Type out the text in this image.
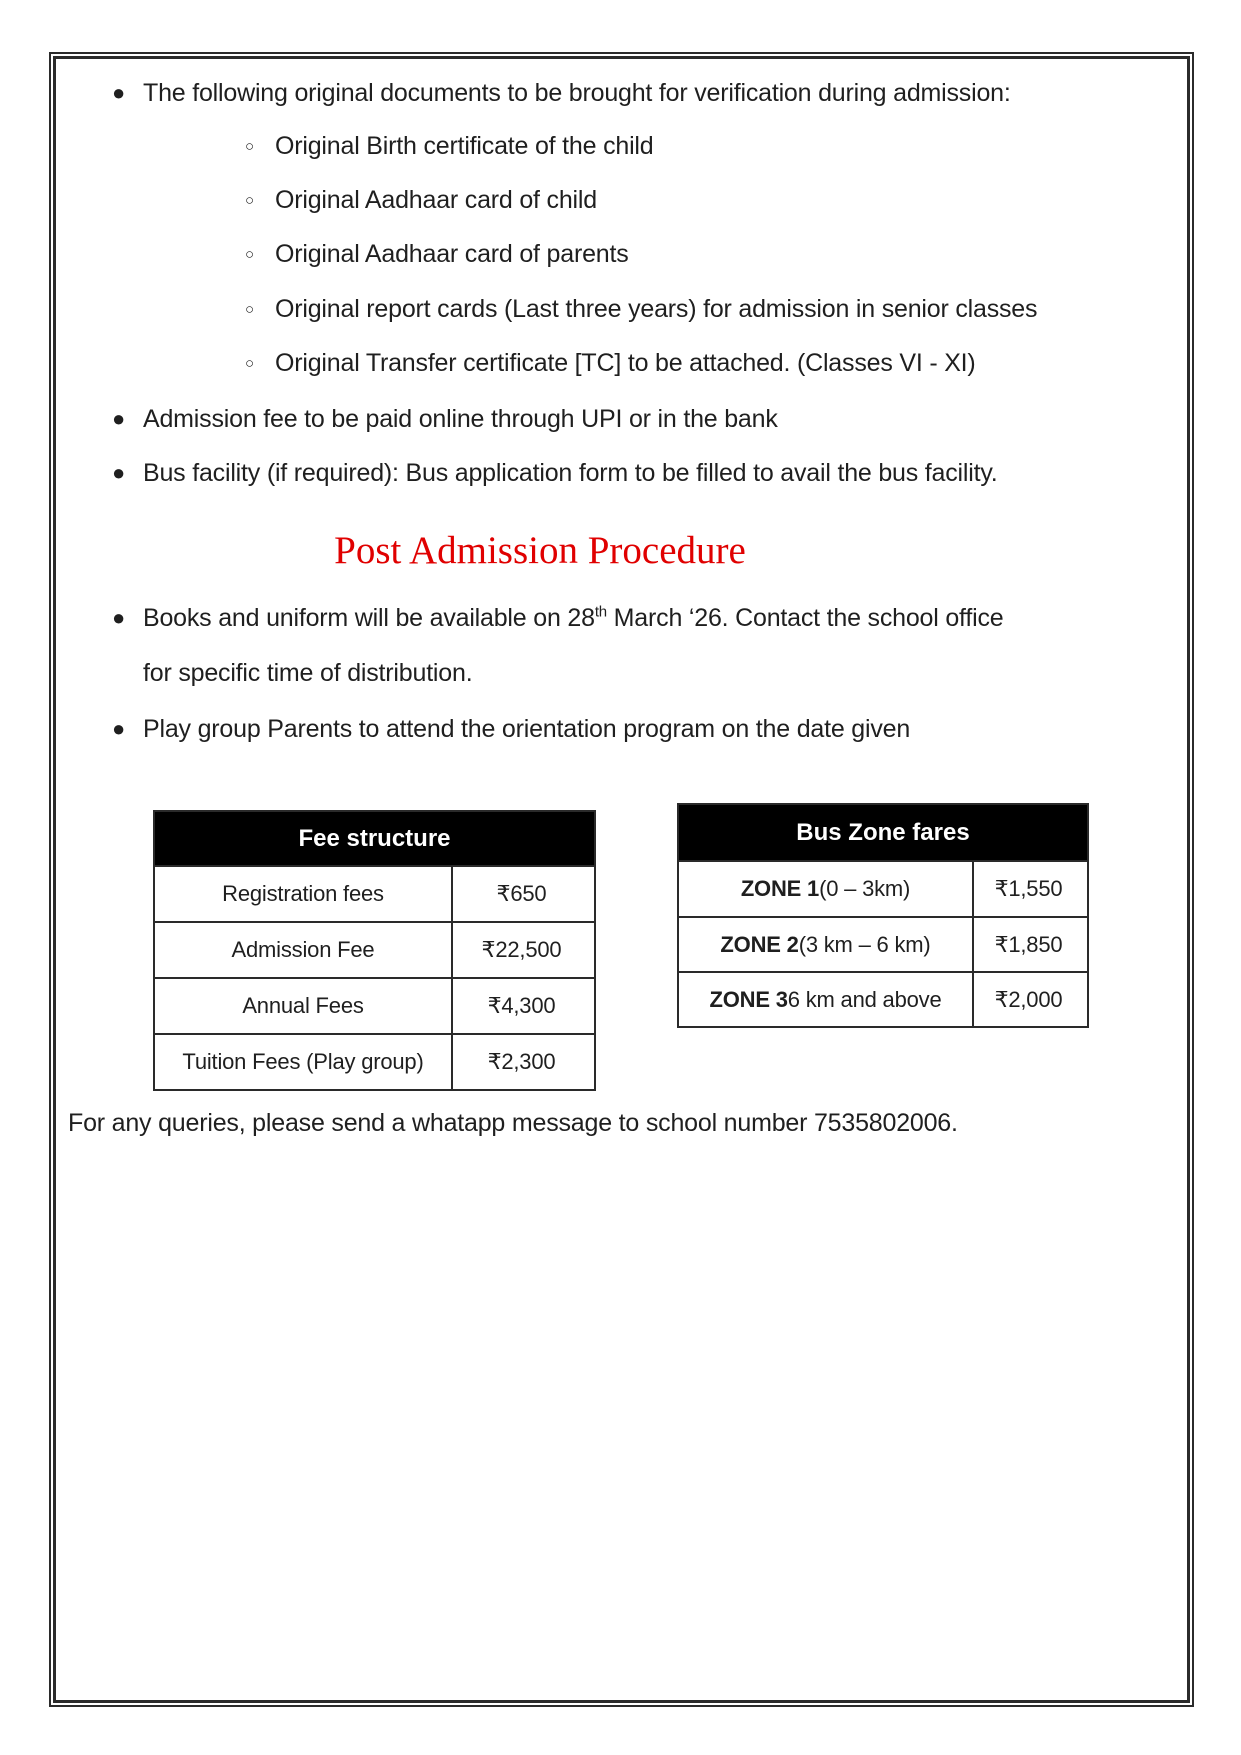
● The following original documents to be brought for verification during admission:
○ Original Birth certificate of the child
○ Original Aadhaar card of child
○ Original Aadhaar card of parents
○ Original report cards (Last three years) for admission in senior classes
○ Original Transfer certificate [TC] to be attached. (Classes VI - XI)
● Admission fee to be paid online through UPI or in the bank
● Bus facility (if required): Bus application form to be filled to avail the bus facility.
Post Admission Procedure
● Books and uniform will be available on 28th March ‘26. Contact the school office
for specific time of distribution.
● Play group Parents to attend the orientation program on the date given
Fee structure
Registration fees	₹650
Admission Fee	₹22,500
Annual Fees	₹4,300
Tuition Fees (Play group)	₹2,300
Bus Zone fares
ZONE 1 (0 – 3km)	₹1,550
ZONE 2 (3 km – 6 km)	₹1,850
ZONE 3 6 km and above	₹2,000
For any queries, please send a whatapp message to school number 7535802006.
